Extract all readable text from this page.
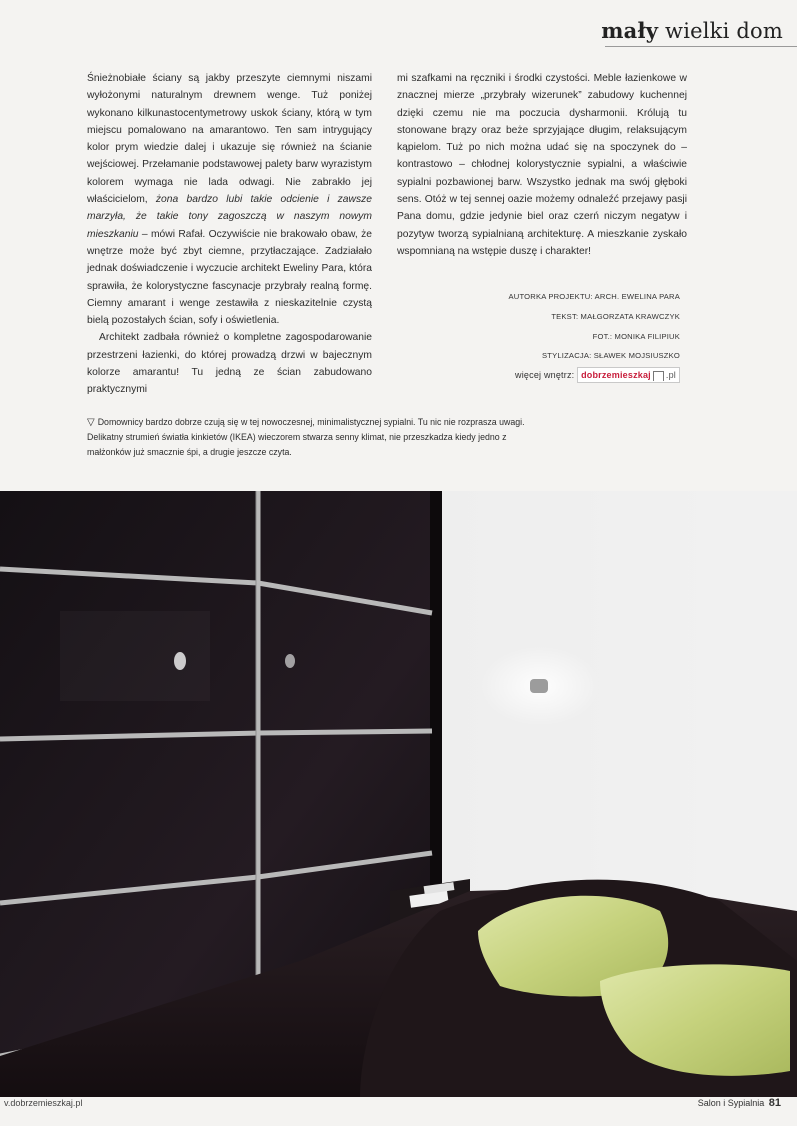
mały wielki dom

Śnieżnobiałe ściany są jakby przeszyte ciemnymi niszami wyłożonymi naturalnym drewnem wenge. Tuż poniżej wykonano kilkunastocentymetrowy uskok ściany, którą w tym miejscu pomalowano na amarantowo. Ten sam intrygujący kolor prym wiedzie dalej i ukazuje się również na ścianie wejściowej. Przełamanie podstawowej palety barw wyrazistym kolorem wymaga nie lada odwagi. Nie zabrakło jej właścicielom, żona bardzo lubi takie odcienie i zawsze marzyła, że takie tony zagoszczą w naszym nowym mieszkaniu – mówi Rafał. Oczywiście nie brakowało obaw, że wnętrze może być zbyt ciemne, przytłaczające. Zadziałało jednak doświadczenie i wyczucie architekt Eweliny Para, która sprawiła, że kolorystyczne fascynacje przybrały realną formę. Ciemny amarant i wenge zestawiła z nieskazitelnie czystą bielą pozostałych ścian, sofy i oświetlenia.

Architekt zadbała również o kompletne zagospodarowanie przestrzeni łazienki, do której prowadzą drzwi w bajecznym kolorze amarantu! Tu jedną ze ścian zabudowano praktycznymi

mi szafkami na ręczniki i środki czystości. Meble łazienkowe w znacznej mierze „przybrały wizerunek” zabudowy kuchennej dzięki czemu nie ma poczucia dysharmonii. Królują tu stonowane brązy oraz beże sprzyjające długim, relaksującym kąpielom. Tuż po nich można udać się na spoczynek do – kontrastowo – chłodnej kolorystycznie sypialni, a właściwie sypialni pozbawionej barw. Wszystko jednak ma swój głęboki sens. Otóż w tej sennej oazie możemy odnaleźć przejawy pasji Pana domu, gdzie jedynie biel oraz czerń niczym negatyw i pozytyw tworzą sypialnianą architekturę. A mieszkanie zyskało wspomnianą na wstępie duszę i charakter!

AUTORKA PROJEKTU: ARCH. EWELINA PARA
TEKST: MAŁGORZATA KRAWCZYK
FOT.: MONIKA FILIPIUK
STYLIZACJA: SŁAWEK MOJSIUSZKO
więcej wnętrz: dobrzemieszkaj .pl
▽ Domownicy bardzo dobrze czują się w tej nowoczesnej, minimalistycznej sypialni. Tu nic nie rozprasza uwagi. Delikatny strumień światła kinkietów (IKEA) wieczorem stwarza senny klimat, nie przeszkadza kiedy jedno z małżonków już smacznie śpi, a drugie jeszcze czyta.
v.dobrzemieszkaj.pl	Salon i Sypialnia 81
